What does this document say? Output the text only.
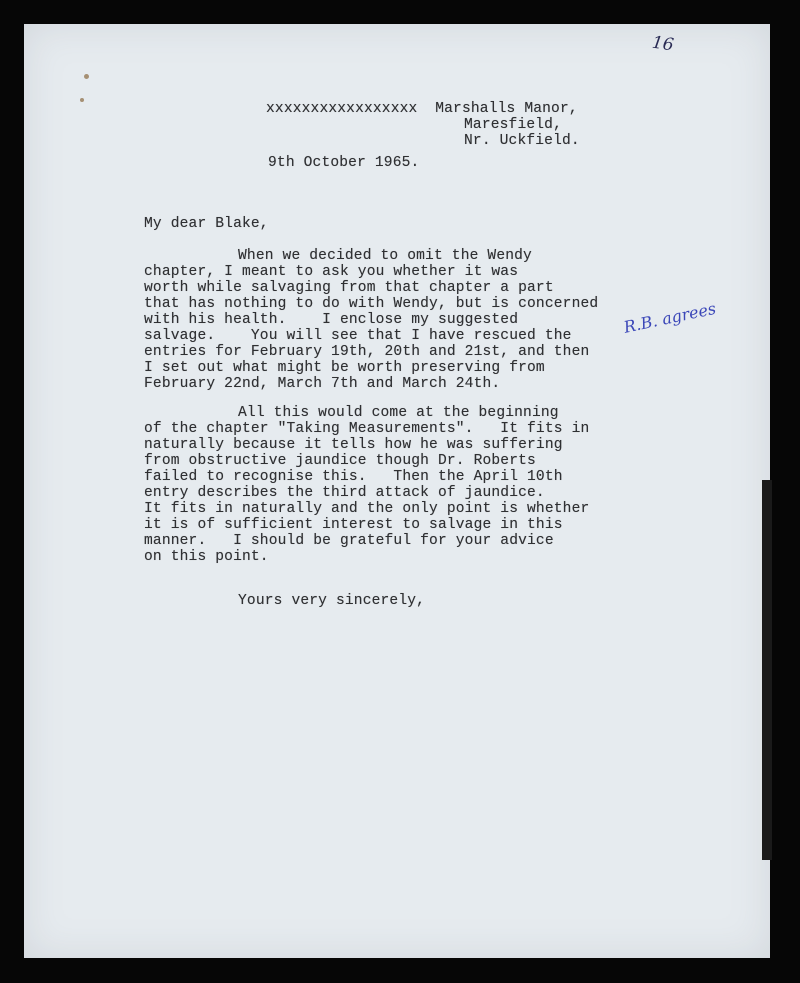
16
xxxxxxxxxxxxxxxxx  Marshalls Manor,
Maresfield,
Nr. Uckfield.
9th October 1965.
My dear Blake,
When we decided to omit the Wendy
chapter, I meant to ask you whether it was
worth while salvaging from that chapter a part
that has nothing to do with Wendy, but is concerned
with his health.    I enclose my suggested
salvage.    You will see that I have rescued the
entries for February 19th, 20th and 21st, and then
I set out what might be worth preserving from
February 22nd, March 7th and March 24th.
R.B. agrees
All this would come at the beginning
of the chapter "Taking Measurements".   It fits in
naturally because it tells how he was suffering
from obstructive jaundice though Dr. Roberts
failed to recognise this.   Then the April 10th
entry describes the third attack of jaundice.
It fits in naturally and the only point is whether
it is of sufficient interest to salvage in this
manner.   I should be grateful for your advice
on this point.
Yours very sincerely,
